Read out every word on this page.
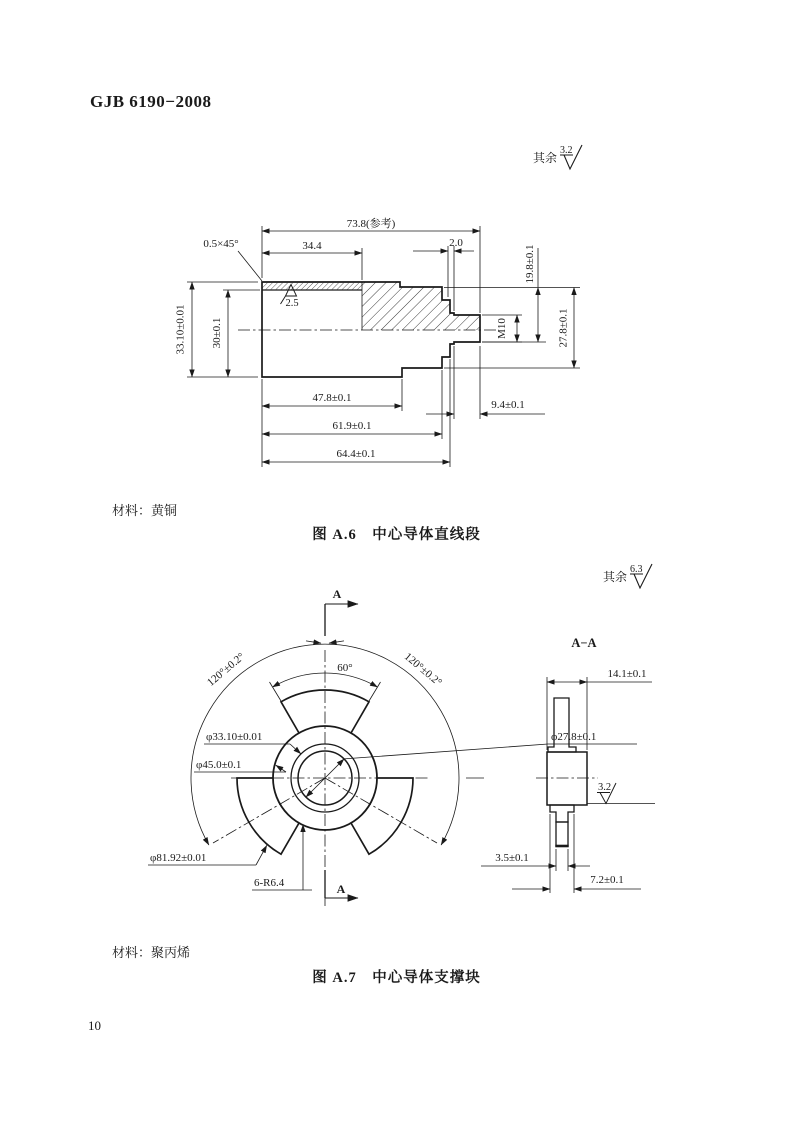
GJB 6190−2008
其余
3.2
2.5
73.8(参考)
34.4	2.0
0.5×45°
33.10±0.01 30±0.1
19.8±0.1
M10	27.8±0.1
47.8±0.1
61.9±0.1
64.4±0.1
9.4±0.1
材料：黄铜
图 A.6　中心导体直线段
其余
6.3
120°±0.2°	120°±0.2°
60°
φ27.8±0.1
φ33.10±0.01
φ45.0±0.1
φ81.92±0.01
6-R6.4
A
A
A−A
14.1±0.1
3.2
3.5±0.1
7.2±0.1
材料：聚丙烯
图 A.7　中心导体支撑块
10
